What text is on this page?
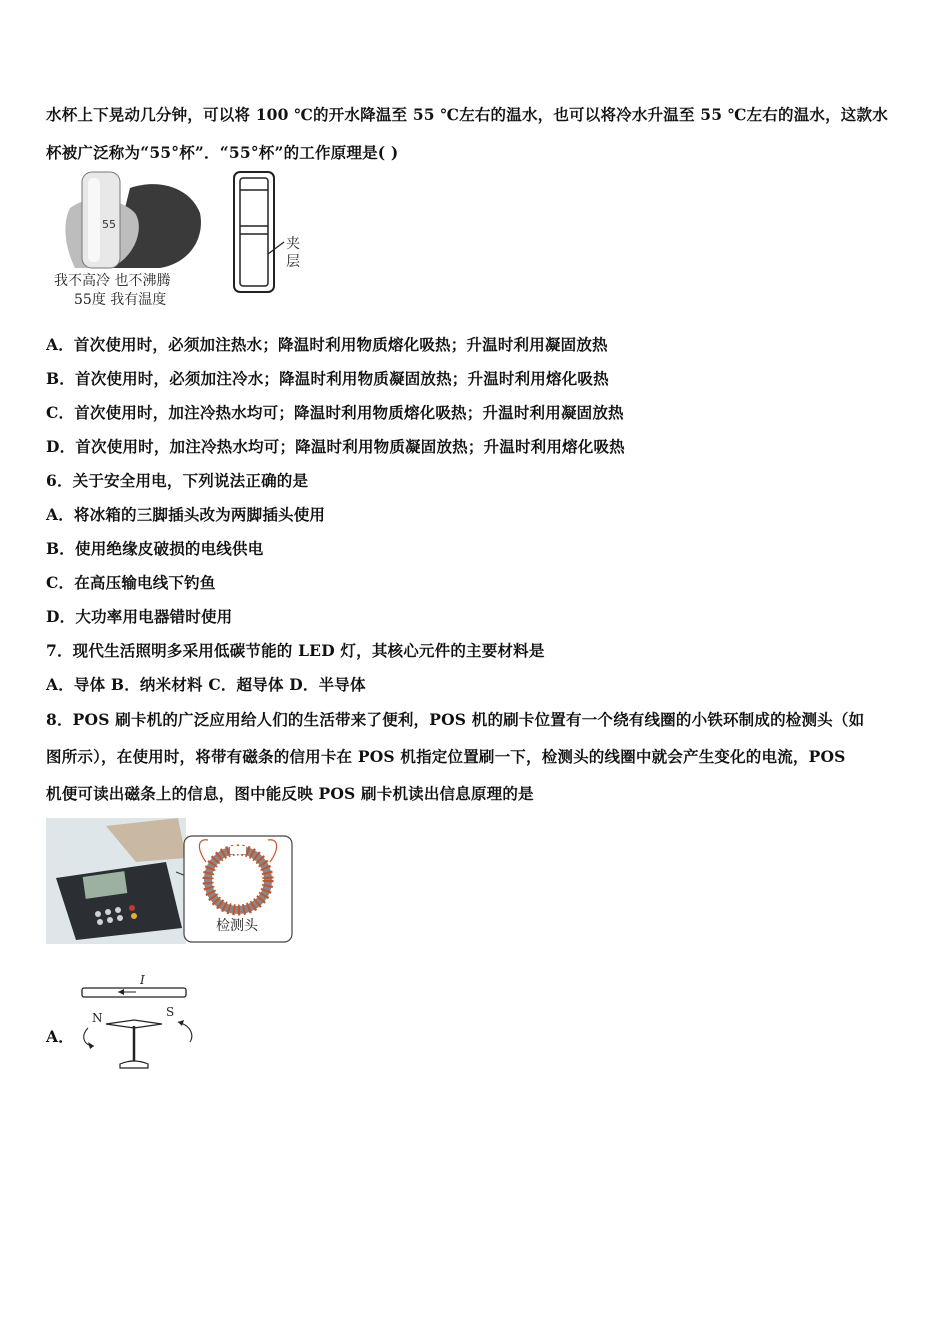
水杯上下晃动几分钟，可以将 100 ℃的开水降温至 55 ℃左右的温水，也可以将冷水升温至 55 ℃左右的温水，这款水
杯被广泛称为“55°杯”．“55°杯”的工作原理是( )
55
我不高冷 也不沸腾
55度 我有温度
夹
层
A．首次使用时，必须加注热水；降温时利用物质熔化吸热；升温时利用凝固放热
B．首次使用时，必须加注冷水；降温时利用物质凝固放热；升温时利用熔化吸热
C．首次使用时，加注冷热水均可；降温时利用物质熔化吸热；升温时利用凝固放热
D．首次使用时，加注冷热水均可；降温时利用物质凝固放热；升温时利用熔化吸热
6．关于安全用电，下列说法正确的是
A．将冰箱的三脚插头改为两脚插头使用
B．使用绝缘皮破损的电线供电
C．在高压输电线下钓鱼
D．大功率用电器错时使用
7．现代生活照明多采用低碳节能的 LED 灯，其核心元件的主要材料是
A．导体 B．纳米材料 C．超导体 D．半导体
8．POS 刷卡机的广泛应用给人们的生活带来了便利，POS 机的刷卡位置有一个绕有线圈的小铁环制成的检测头（如
图所示），在使用时，将带有磁条的信用卡在 POS 机指定位置刷一下，检测头的线圈中就会产生变化的电流，POS
机便可读出磁条上的信息，图中能反映 POS 刷卡机读出信息原理的是
检测头
A．
I
N	S
